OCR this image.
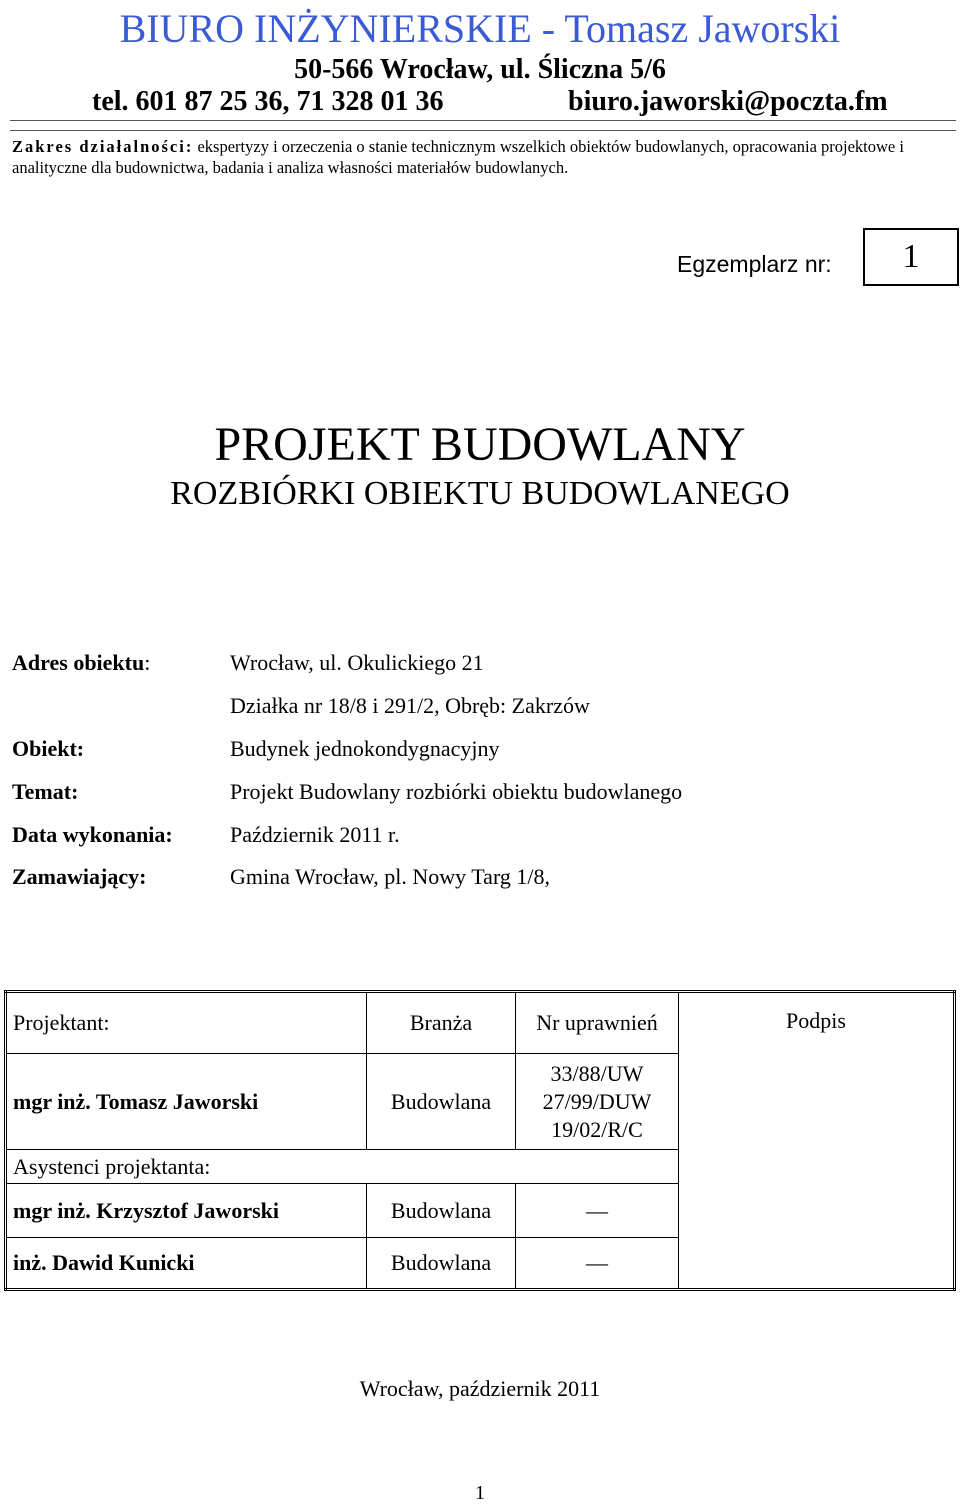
BIURO INŻYNIERSKIE - Tomasz Jaworski
50-566 Wrocław, ul. Śliczna 5/6
tel. 601 87 25 36, 71 328 01 36	biuro.jaworski@poczta.fm
Zakres działalności: ekspertyzy i orzeczenia o stanie technicznym wszelkich obiektów budowlanych, opracowania projektowe i analityczne dla budownictwa, badania i analiza własności materiałów budowlanych.
Egzemplarz nr: 1
PROJEKT BUDOWLANY
ROZBIÓRKI OBIEKTU BUDOWLANEGO
Adres obiektu:	Wrocław, ul. Okulickiego 21
Działka nr 18/8 i 291/2, Obręb: Zakrzów
Obiekt:	Budynek jednokondygnacyjny
Temat:	Projekt Budowlany rozbiórki obiektu budowlanego
Data wykonania:	Październik 2011 r.
Zamawiający:	Gmina Wrocław, pl. Nowy Targ 1/8,
Projektant:	Branża	Nr uprawnień	Podpis

mgr inż. Tomasz Jaworski	Budowlana	33/88/UW
27/99/DUW
19/02/R/C	

Asystenci projektanta:			
mgr inż. Krzysztof Jaworski	Budowlana	—	
inż. Dawid Kunicki	Budowlana	—	
Wrocław, październik 2011
1
